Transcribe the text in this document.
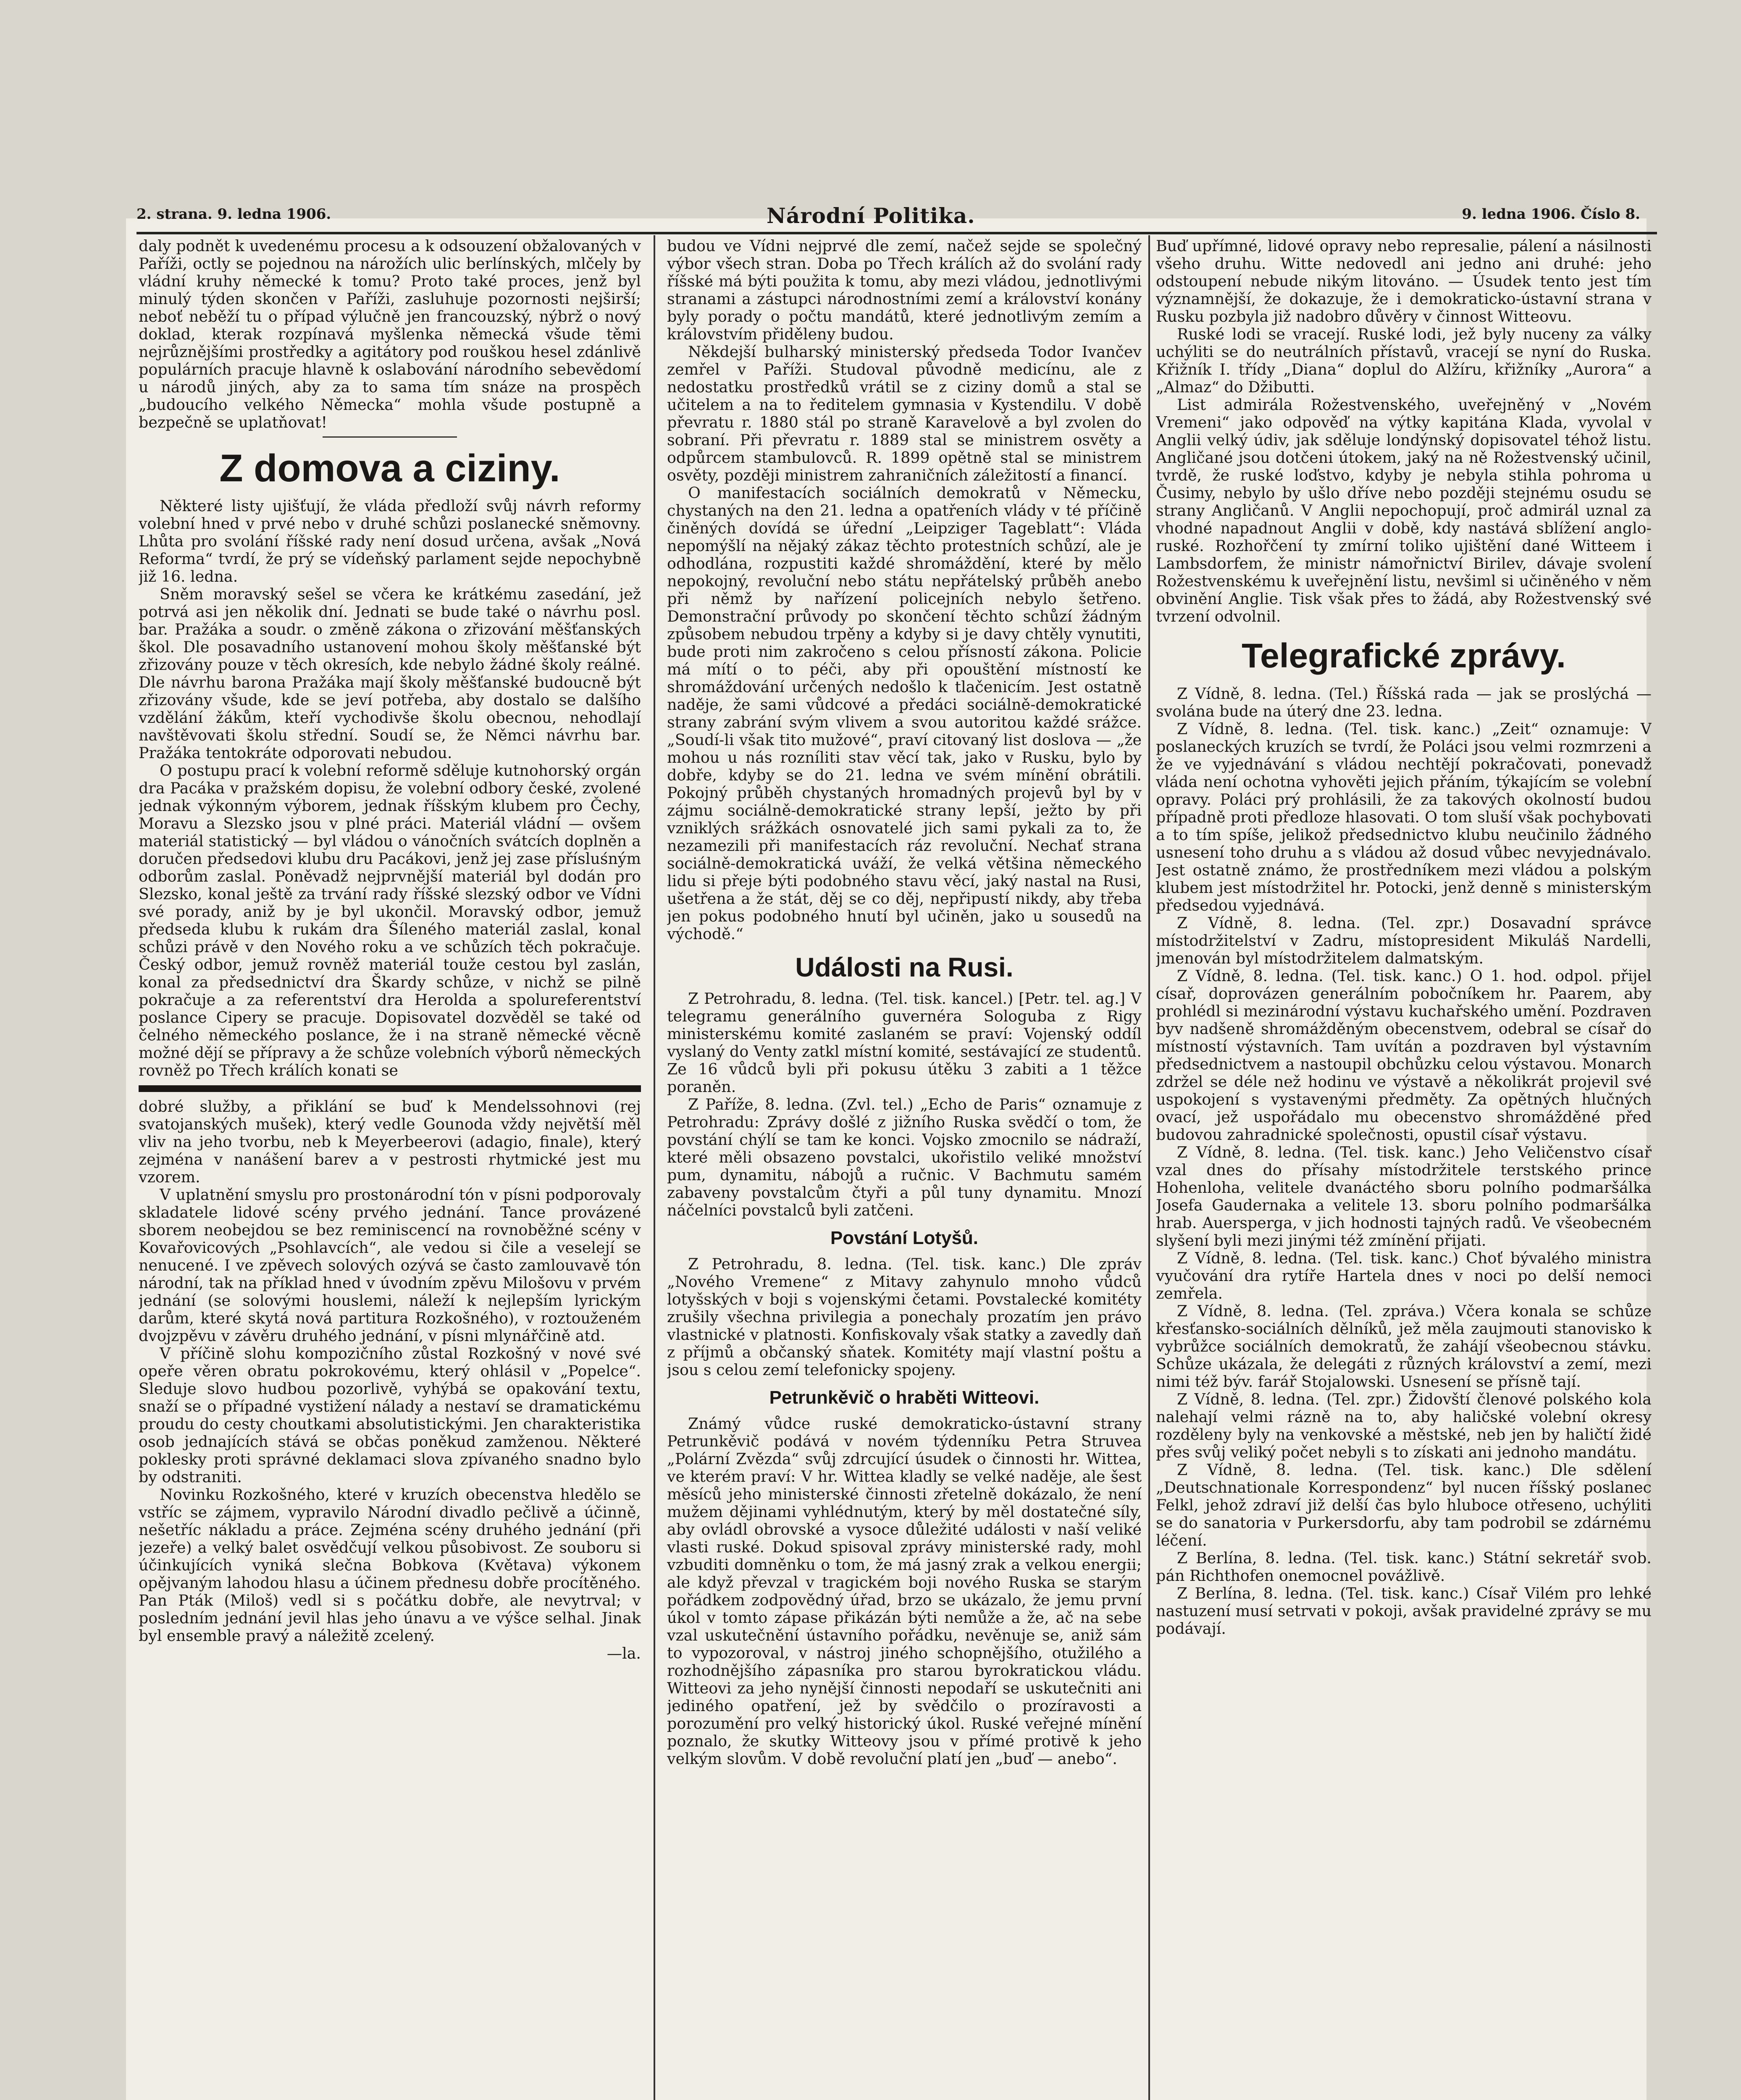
2. strana. 9. ledna 1906.	Národní Politika.	9. ledna 1906. Číslo 8.

daly podnět k uvedenému procesu a k odsouzení obžalovaných v Paříži, octly se pojednou na nárožích ulic berlínských, mlčely by vládní kruhy německé k tomu? Proto také proces, jenž byl minulý týden skončen v Paříži, zasluhuje pozornosti nejširší; neboť neběží tu o případ výlučně jen francouzský, nýbrž o nový doklad, kterak rozpínavá myšlenka německá všude těmi nejrůznějšími prostředky a agitátory pod rouškou hesel zdánlivě populárních pracuje hlavně k oslabování národního sebevědomí u národů jiných, aby za to sama tím snáze na prospěch „budoucího velkého Německa“ mohla všude postupně a bezpečně se uplatňovat!

Z domova a ciziny.

Některé listy ujišťují, že vláda předloží svůj návrh reformy volební hned v prvé nebo v druhé schůzi poslanecké sněmovny. Lhůta pro svolání říšské rady není dosud určena, avšak „Nová Reforma“ tvrdí, že prý se vídeňský parlament sejde nepochybně již 16. ledna.

Sněm moravský sešel se včera ke krátkému zasedání, jež potrvá asi jen několik dní. Jednati se bude také o návrhu posl. bar. Pražáka a soudr. o změně zákona o zřizování měšťanských škol. Dle posavadního ustanovení mohou školy měšťanské být zřizovány pouze v těch okresích, kde nebylo žádné školy reálné. Dle návrhu barona Pražáka mají školy měšťanské budoucně být zřizovány všude, kde se jeví potřeba, aby dostalo se dalšího vzdělání žákům, kteří vychodivše školu obecnou, nehodlají navštěvovati školu střední. Soudí se, že Němci návrhu bar. Pražáka tentokráte odporovati nebudou.

O postupu prací k volební reformě sděluje kutnohorský orgán dra Pacáka v pražském dopisu, že volební odbory české, zvolené jednak výkonným výborem, jednak říšským klubem pro Čechy, Moravu a Slezsko jsou v plné práci. Materiál vládní — ovšem materiál statistický — byl vládou o vánočních svátcích doplněn a doručen předsedovi klubu dru Pacákovi, jenž jej zase přísluśným odborům zaslal. Poněvadž nejprvnější materiál byl dodán pro Slezsko, konal ještě za trvání rady říšské slezský odbor ve Vídni své porady, aniž by je byl ukončil. Moravský odbor, jemuž předseda klubu k rukám dra Šíleného materiál zaslal, konal schůzi právě v den Nového roku a ve schůzích těch pokračuje. Český odbor, jemuž rovněž materiál touže cestou byl zaslán, konal za předsednictví dra Škardy schůze, v nichž se pilně pokračuje a za referentství dra Herolda a spolureferentství poslance Cipery se pracuje. Dopisovatel dozvěděl se také od čelného německého poslance, že i na straně německé věcně možné dějí se přípravy a že schůze volebních výborů německých rovněž po Třech králích konati se

dobré služby, a přiklání se buď k Mendelssohnovi (rej svatojanských mušek), který vedle Gounoda vždy největší měl vliv na jeho tvorbu, neb k Meyerbeerovi (adagio, finale), který zejména v nanášení barev a v pestrosti rhytmické jest mu vzorem.

V uplatnění smyslu pro prostonárodní tón v písni podporovaly skladatele lidové scény prvého jednání. Tance provázené sborem neobejdou se bez reminiscencí na rovnoběžné scény v Kovařovicových „Psohlavcích“, ale vedou si čile a veselejí se nenucené. I ve zpěvech solových ozývá se často zamlouvavě tón národní, tak na příklad hned v úvodním zpěvu Milošovu v prvém jednání (se solovými houslemi, náleží k nejlepším lyrickým darům, které skytá nová partitura Rozkošného), v roztouženém dvojzpěvu v závěru druhého jednání, v písni mlynářčině atd.

V příčině slohu kompozičního zůstal Rozkošný v nové své opeře věren obratu pokrokovému, který ohlásil v „Popelce“. Sleduje slovo hudbou pozorlivě, vyhýbá se opakování textu, snaží se o případné vystižení nálady a nestaví se dramatickému proudu do cesty choutkami absolutistickými. Jen charakteristika osob jednajících stává se občas poněkud zamženou. Některé poklesky proti správné deklamaci slova zpívaného snadno bylo by odstraniti.

Novinku Rozkošného, které v kruzích obecenstva hledělo se vstříc se zájmem, vypravilo Národní divadlo pečlivě a účinně, nešetříc nákladu a práce. Zejména scény druhého jednání (při jezeře) a velký balet osvědčují velkou působivost. Ze souboru si účinkujících vyniká slečna Bobkova (Květava) výkonem opějvaným lahodou hlasu a účinem přednesu dobře procítěného. Pan Pták (Miloš) vedl si s počátku dobře, ale nevytrval; v posledním jednání jevil hlas jeho únavu a ve výšce selhal. Jinak byl ensemble pravý a náležitě zcelený.

—la.

budou ve Vídni nejprvé dle zemí, načež sejde se společný výbor všech stran. Doba po Třech králích až do svolání rady říšské má býti použita k tomu, aby mezi vládou, jednotlivými stranami a zástupci národnostními zemí a království konány byly porady o počtu mandátů, které jednotlivým zemím a královstvím přiděleny budou.

Někdejší bulharský ministerský předseda Todor Ivančev zemřel v Paříži. Studoval původně medicínu, ale z nedostatku prostředků vrátil se z ciziny domů a stal se učitelem a na to ředitelem gymnasia v Kystendilu. V době převratu r. 1880 stál po straně Karavelově a byl zvolen do sobraní. Při převratu r. 1889 stal se ministrem osvěty a odpůrcem stambulovců. R. 1899 opětně stal se ministrem osvěty, později ministrem zahraničních záležitostí a financí.

O manifestacích sociálních demokratů v Německu, chystaných na den 21. ledna a opatřeních vlády v té příčině činěných dovídá se úřední „Leipziger Tageblatt“: Vláda nepomýšlí na nějaký zákaz těchto protestních schůzí, ale je odhodlána, rozpustiti každé shromáždění, které by mělo nepokojný, revoluční nebo státu nepřátelský průběh anebo při němž by nařízení policejních nebylo šetřeno. Demonstrační průvody po skončení těchto schůzí žádným způsobem nebudou trpěny a kdyby si je davy chtěly vynutiti, bude proti nim zakročeno s celou přísností zákona. Policie má mítí o to péči, aby při opouštění místností ke shromáždování určených nedošlo k tlačenicím. Jest ostatně naděje, že sami vůdcové a předáci sociálně-demokratické strany zabrání svým vlivem a svou autoritou každé srážce. „Soudí-li však tito mužové“, praví citovaný list doslova — „že mohou u nás rozníliti stav věcí tak, jako v Rusku, bylo by dobře, kdyby se do 21. ledna ve svém mínění obrátili. Pokojný průběh chystaných hromadných projevů byl by v zájmu sociálně-demokratické strany lepší, ježto by při vzniklých srážkách osnovatelé jich sami pykali za to, že nezamezili při manifestacích ráz revoluční. Nechať strana sociálně-demokratická uváží, že velká většina německého lidu si přeje býti podobného stavu věcí, jaký nastal na Rusi, ušetřena a že stát, děj se co děj, nepřipustí nikdy, aby třeba jen pokus podobného hnutí byl učiněn, jako u sousedů na východě.“

Události na Rusi.

Z Petrohradu, 8. ledna. (Tel. tisk. kancel.) [Petr. tel. ag.] V telegramu generálního guvernéra Sologuba z Rigy ministerskému komité zaslaném se praví: Vojenský oddíl vyslaný do Venty zatkl místní komité, sestávající ze studentů. Ze 16 vůdců byli při pokusu útěku 3 zabiti a 1 těžce poraněn.

Z Paříže, 8. ledna. (Zvl. tel.) „Echo de Paris“ oznamuje z Petrohradu: Zprávy došlé z jižního Ruska svědčí o tom, že povstání chýlí se tam ke konci. Vojsko zmocnilo se nádraží, které měli obsazeno povstalci, ukořistilo veliké množství pum, dynamitu, nábojů a ručnic. V Bachmutu samém zabaveny povstalcům čtyři a půl tuny dynamitu. Mnozí náčelníci povstalců byli zatčeni.

Povstání Lotyšů.

Z Petrohradu, 8. ledna. (Tel. tisk. kanc.) Dle zpráv „Nového Vremene“ z Mitavy zahynulo mnoho vůdců lotyšských v boji s vojenskými četami. Povstalecké komitéty zrušily všechna privilegia a ponechaly prozatím jen právo vlastnické v platnosti. Konfiskovaly však statky a zavedly daň z příjmů a občanský sňatek. Komitéty mají vlastní poštu a jsou s celou zemí telefonicky spojeny.

Petrunkěvič o hraběti Witteovi.

Známý vůdce ruské demokraticko-ústavní strany Petrunkěvič podává v novém týdenníku Petra Struvea „Polární Zvězda“ svůj zdrcující úsudek o činnosti hr. Wittea, ve kterém praví: V hr. Witteа kladly se velké naděje, ale šest měsíců jeho ministerské činnosti zřetelně dokázalo, že není mužem dějinami vyhlédnutým, který by měl dostatečné síly, aby ovládl obrovské a vysoce důležité události v naší veliké vlasti ruské. Dokud spisoval zprávy ministerské rady, mohl vzbuditi domněnku o tom, že má jasný zrak a velkou energii; ale když převzal v tragickém boji nového Ruska se starým pořádkem zodpovědný úřad, brzo se ukázalo, že jemu první úkol v tomto zápase přikázán býti nemůže a že, ač na sebe vzal uskutečnění ústavního pořádku, nevěnuje se, aniž sám to vypozoroval, v nástroj jiného schopnějšího, otužilého a rozhodnějšího zápasníka pro starou byrokratickou vládu. Witteovi za jeho nynější činnosti nepodaří se uskutečniti ani jediného opatření, jež by svědčilo o prozíravosti a porozumění pro velký historický úkol. Ruské veřejné mínění poznalo, že skutky Witteovy jsou v přímé protivě k jeho velkým slovům. V době revoluční platí jen „buď — anebo“.

Buď upřímné, lidové opravy nebo represalie, pálení a násilnosti všeho druhu. Witte nedovedl ani jedno ani druhé: jeho odstoupení nebude nikým litováno. — Úsudek tento jest tím významnější, že dokazuje, že i demokraticko-ústavní strana v Rusku pozbyla již nadobro důvěry v činnost Witteovu.

Ruské lodi se vracejí. Ruské lodi, jež byly nuceny za války uchýliti se do neutrálních přístavů, vracejí se nyní do Ruska. Křižník I. třídy „Diana“ doplul do Alžíru, křižníky „Aurora“ a „Almaz“ do Džibutti.

List admirála Rožestvenského, uveřejněný v „Novém Vremeni“ jako odpověď na výtky kapitána Klada, vyvolal v Anglii velký údiv, jak sděluje londýnský dopisovatel téhož listu. Angličané jsou dotčeni útokem, jaký na ně Rožestvenský učinil, tvrdě, že ruské loďstvo, kdyby je nebyla stihla pohroma u Čusimy, nebylo by ušlo dříve nebo později stejnému osudu se strany Angličanů. V Anglii nepochopují, proč admirál uznal za vhodné napadnout Anglii v době, kdy nastává sblížení anglo-ruské. Rozhořčení ty zmírní toliko ujištění dané Witteem i Lambsdorfem, že ministr námořnictví Birilev, dávaje svolení Rožestvenskému k uveřejnění listu, nevšiml si učiněného v něm obvinění Anglie. Tisk však přes to žádá, aby Rožestvenský své tvrzení odvolnil.

Telegrafické zprávy.

Z Vídně, 8. ledna. (Tel.) Říšská rada — jak se proslýchá — svolána bude na úterý dne 23. ledna.

Z Vídně, 8. ledna. (Tel. tisk. kanc.) „Zeit“ oznamuje: V poslaneckých kruzích se tvrdí, že Poláci jsou velmi rozmrzeni a že ve vyjednávání s vládou nechtějí pokračovati, ponevadž vláda není ochotna vyhověti jejich přáním, týkajícím se volební opravy. Poláci prý prohlásili, že za takových okolností budou případně proti předloze hlasovati. O tom sluší však pochybovati a to tím spíše, jelikož předsednictvo klubu neučinilo žádného usnesení toho druhu a s vládou až dosud vůbec nevyjednávalo. Jest ostatně známo, že prostředníkem mezi vládou a polským klubem jest místodržitel hr. Potocki, jenž denně s ministerským předsedou vyjednává.

Z Vídně, 8. ledna. (Tel. zpr.) Dosavadní správce místodržitelství v Zadru, místopresident Mikuláš Nardelli, jmenován byl místodržitelem dalmatským.

Z Vídně, 8. ledna. (Tel. tisk. kanc.) O 1. hod. odpol. přijel císař, doprovázen generálním pobočníkem hr. Paarem, aby prohlédl si mezinárodní výstavu kuchařského umění. Pozdraven byv nadšeně shromážděným obecenstvem, odebral se císař do místností výstavních. Tam uvítán a pozdraven byl výstavním předsednictvem a nastoupil obchůzku celou výstavou. Monarch zdržel se déle než hodinu ve výstavě a několikrát projevil své uspokojení s vystavenými předměty. Za opětných hlučných ovací, jež uspořádalo mu obecenstvo shromážděné před budovou zahradnické společnosti, opustil císař výstavu.

Z Vídně, 8. ledna. (Tel. tisk. kanc.) Jeho Veličenstvo císař vzal dnes do přísahy místodržitele terstského prince Hohenloha, velitele dvanáctého sboru polního podmaršálka Josefa Gaudernaka a velitele 13. sboru polního podmaršálka hrab. Auersperga, v jich hodnosti tajných radů. Ve všeobecném slyšení byli mezi jinými též zmínění přijati.

Z Vídně, 8. ledna. (Tel. tisk. kanc.) Choť bývalého ministra vyučování dra rytíře Hartela dnes v noci po delší nemoci zemřela.

Z Vídně, 8. ledna. (Tel. zpráva.) Včera konala se schůze křesťansko-sociálních dělníků, jež měla zaujmouti stanovisko k vybrůžce sociálních demokratů, že zahájí všeobecnou stávku. Schůze ukázala, že delegáti z různých království a zemí, mezi nimi též býv. farář Stojalowski. Usnesení se přísně tají.

Z Vídně, 8. ledna. (Tel. zpr.) Židovští členové polského kola nalehají velmi rázně na to, aby haličské volební okresy rozděleny byly na venkovské a městské, neb jen by haličtí židé přes svůj veliký počet nebyli s to získati ani jednoho mandátu.

Z Vídně, 8. ledna. (Tel. tisk. kanc.) Dle sdělení „Deutschnationale Korrespondenz“ byl nucen říšský poslanec Felkl, jehož zdraví již delší čas bylo hluboce otřeseno, uchýliti se do sanatoria v Purkersdorfu, aby tam podrobil se zdárnému léčení.

Z Berlína, 8. ledna. (Tel. tisk. kanc.) Státní sekretář svob. pán Richthofen onemocnel povážlivě.

Z Berlína, 8. ledna. (Tel. tisk. kanc.) Císař Vilém pro lehké nastuzení musí setrvati v pokoji, avšak pravidelné zprávy se mu podávají.
